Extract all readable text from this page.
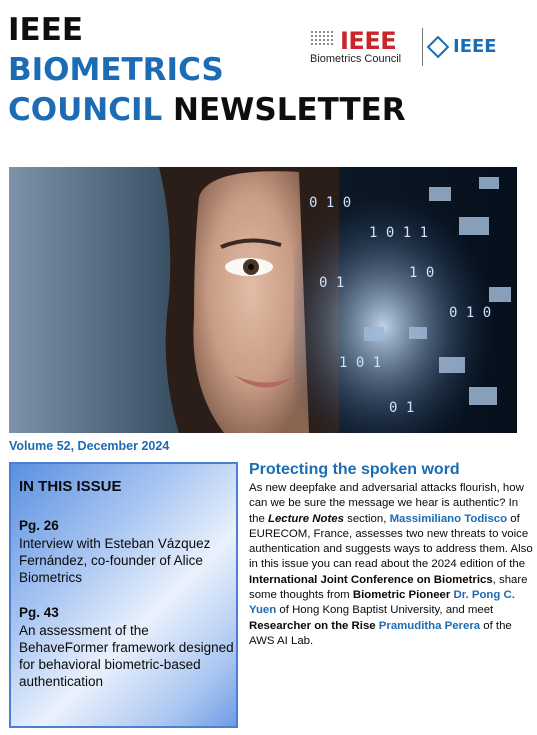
IEEE
BIOMETRICS
COUNCIL NEWSLETTER
IEEE
Biometrics Council
IEEE
0 1 0
1 0 1 1
0 1
1 0
0 1 0
1 0 1
0 1
Volume 52, December 2024
IN THIS ISSUE
Pg. 26
Interview with Esteban Vázquez Fernández, co-founder of Alice Biometrics
Pg. 43
An assessment of the BehaveFormer framework designed for behavioral biometric-based authentication
Protecting the spoken word

As new deepfake and adversarial attacks flourish, how can we be sure the message we hear is authentic? In the Lecture Notes section, Massimiliano Todisco of EURECOM, France, assesses two new threats to voice authentication and suggests ways to address them. Also in this issue you can read about the 2024 edition of the International Joint Conference on Biometrics, share some thoughts from Biometric Pioneer Dr. Pong C. Yuen of Hong Kong Baptist University, and meet Researcher on the Rise Pramuditha Perera of the AWS AI Lab.
